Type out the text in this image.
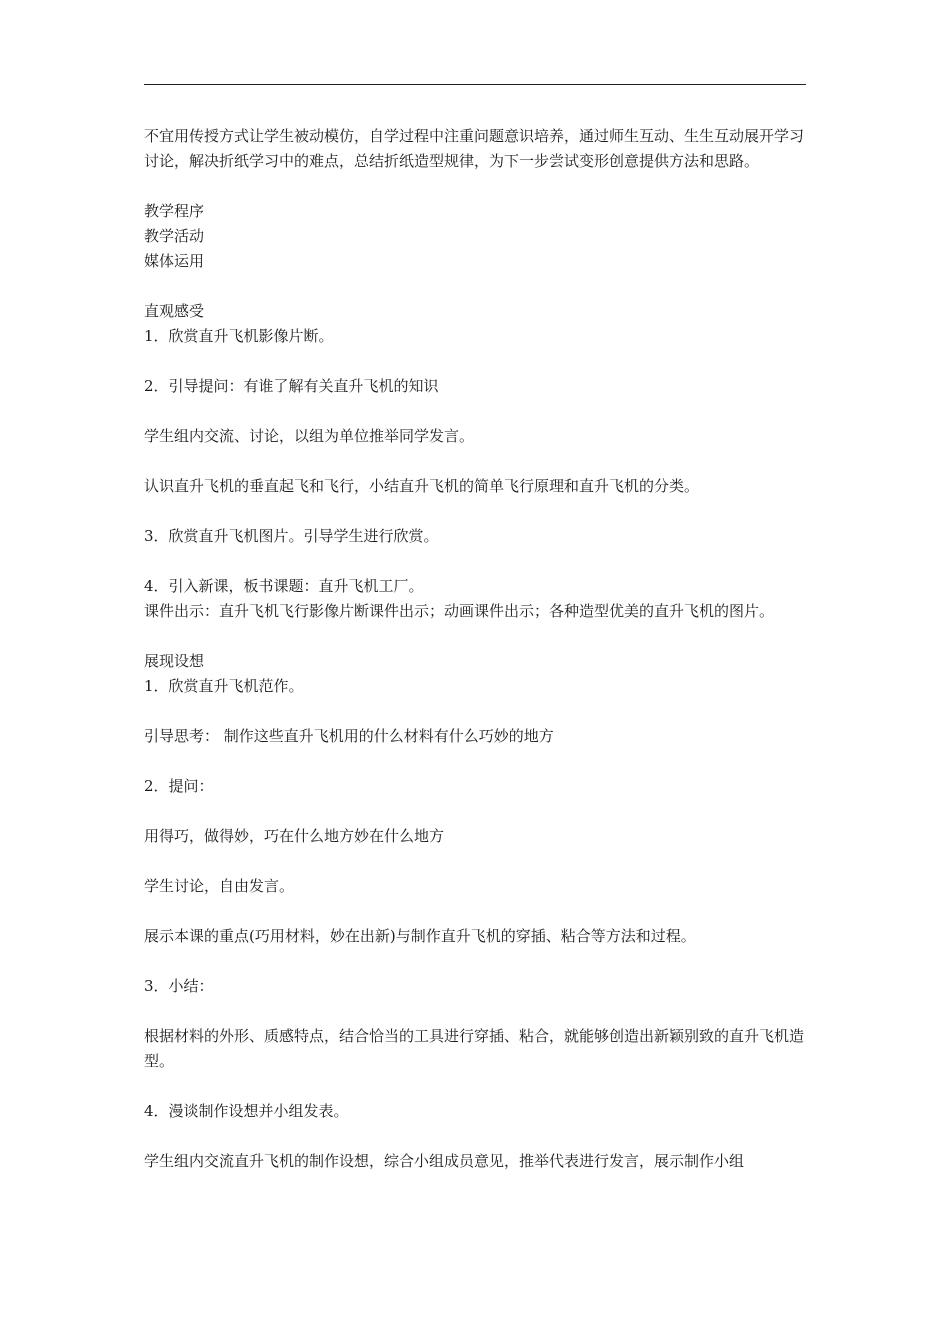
不宜用传授方式让学生被动模仿，自学过程中注重问题意识培养，通过师生互动、生生互动展开学习讨论，解决折纸学习中的难点，总结折纸造型规律，为下一步尝试变形创意提供方法和思路。

教学程序

教学活动

媒体运用

直观感受

1．欣赏直升飞机影像片断。

2．引导提问：有谁了解有关直升飞机的知识

学生组内交流、讨论，以组为单位推举同学发言。

认识直升飞机的垂直起飞和飞行，小结直升飞机的简单飞行原理和直升飞机的分类。

3．欣赏直升飞机图片。引导学生进行欣赏。

4．引入新课，板书课题：直升飞机工厂。

课件出示：直升飞机飞行影像片断课件出示；动画课件出示；各种造型优美的直升飞机的图片。

展现设想

1．欣赏直升飞机范作。

引导思考： 制作这些直升飞机用的什么材料有什么巧妙的地方

2．提问：

用得巧，做得妙，巧在什么地方妙在什么地方

学生讨论，自由发言。

展示本课的重点(巧用材料，妙在出新)与制作直升飞机的穿插、粘合等方法和过程。

3．小结：

根据材料的外形、质感特点，结合恰当的工具进行穿插、粘合，就能够创造出新颖别致的直升飞机造型。

4．漫谈制作设想并小组发表。

学生组内交流直升飞机的制作设想，综合小组成员意见，推举代表进行发言，展示制作小组
